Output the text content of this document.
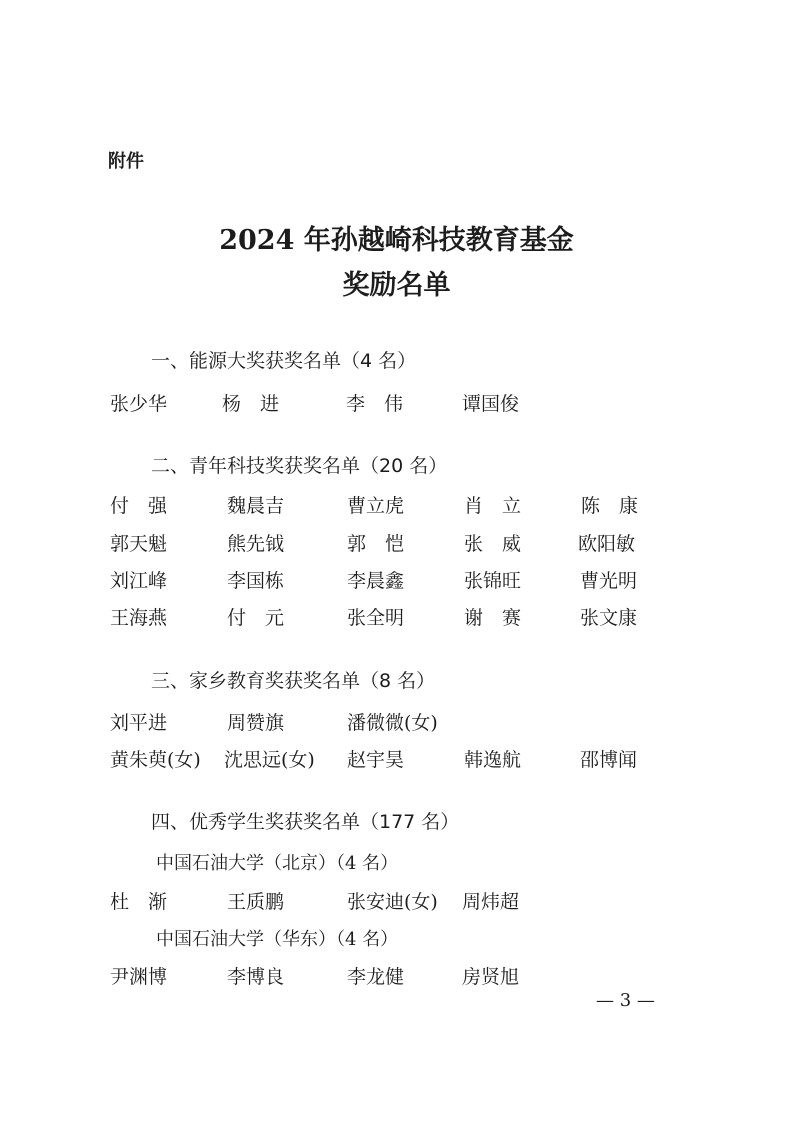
附件
2024 年孙越崎科技教育基金
奖励名单
一、能源大奖获奖名单（4 名）
张少华	杨　进	李　伟	谭国俊
二、青年科技奖获奖名单（20 名）
付　强	魏晨吉	曹立虎	肖　立	陈　康
郭天魁	熊先钺	郭　恺	张　威	欧阳敏
刘江峰	李国栋	李晨鑫	张锦旺	曹光明
王海燕	付　元	张全明	谢　赛	张文康
三、家乡教育奖获奖名单（8 名）
刘平进	周赞旗	潘微微(女)
黄朱萸(女) 沈思远(女) 赵宇昊	韩逸航	邵博闻
四、优秀学生奖获奖名单（177 名）
中国石油大学（北京）（4 名）
杜　渐	王质鹏	张安迪(女) 周炜超
中国石油大学（华东）（4 名）
尹渊博	李博良	李龙健	房贤旭
— 3 —
